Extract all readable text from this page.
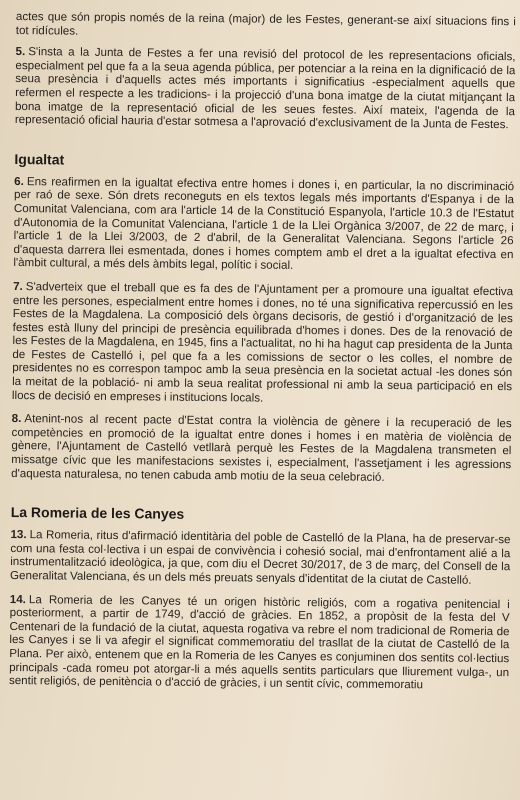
actes que són propis només de la reina (major) de les Festes, generant-se així situacions fins i tot ridícules.

5. S'insta a la Junta de Festes a fer una revisió del protocol de les representacions oficials, especialment pel que fa a la seua agenda pública, per potenciar a la reina en la dignificació de la seua presència i d'aquells actes més importants i significatius -especialment aquells que refermen el respecte a les tradicions- i la projecció d'una bona imatge de la ciutat mitjançant la bona imatge de la representació oficial de les seues festes. Així mateix, l'agenda de la representació oficial hauria d'estar sotmesa a l'aprovació d'exclusivament de la Junta de Festes.

Igualtat

6. Ens reafirmen en la igualtat efectiva entre homes i dones i, en particular, la no discriminació per raó de sexe. Són drets reconeguts en els textos legals més importants d'Espanya i de la Comunitat Valenciana, com ara l'article 14 de la Constitució Espanyola, l'article 10.3 de l'Estatut d'Autonomia de la Comunitat Valenciana, l'article 1 de la Llei Orgànica 3/2007, de 22 de març, i l'article 1 de la Llei 3/2003, de 2 d'abril, de la Generalitat Valenciana. Segons l'article 26 d'aquesta darrera llei esmentada, dones i homes comptem amb el dret a la igualtat efectiva en l'àmbit cultural, a més dels àmbits legal, polític i social.

7. S'adverteix que el treball que es fa des de l'Ajuntament per a promoure una igualtat efectiva entre les persones, especialment entre homes i dones, no té una significativa repercussió en les Festes de la Magdalena. La composició dels òrgans decisoris, de gestió i d'organització de les festes està lluny del principi de presència equilibrada d'homes i dones. Des de la renovació de les Festes de la Magdalena, en 1945, fins a l'actualitat, no hi ha hagut cap presidenta de la Junta de Festes de Castelló i, pel que fa a les comissions de sector o les colles, el nombre de presidentes no es correspon tampoc amb la seua presència en la societat actual -les dones són la meitat de la població- ni amb la seua realitat professional ni amb la seua participació en els llocs de decisió en empreses i institucions locals.

8. Atenint-nos al recent pacte d'Estat contra la violència de gènere i la recuperació de les competències en promoció de la igualtat entre dones i homes i en matèria de violència de gènere, l'Ajuntament de Castelló vetllarà perquè les Festes de la Magdalena transmeten el missatge cívic que les manifestacions sexistes i, especialment, l'assetjament i les agressions d'aquesta naturalesa, no tenen cabuda amb motiu de la seua celebració.

La Romeria de les Canyes

13. La Romeria, ritus d'afirmació identitària del poble de Castelló de la Plana, ha de preservar-se com una festa col·lectiva i un espai de convivència i cohesió social, mai d'enfrontament alié a la instrumentalització ideològica, ja que, com diu el Decret 30/2017, de 3 de març, del Consell de la Generalitat Valenciana, és un dels més preuats senyals d'identitat de la ciutat de Castelló.

14. La Romeria de les Canyes té un origen històric religiós, com a rogativa penitencial i posteriorment, a partir de 1749, d'acció de gràcies. En 1852, a propòsit de la festa del V Centenari de la fundació de la ciutat, aquesta rogativa va rebre el nom tradicional de Romeria de les Canyes i se li va afegir el significat commemoratiu del trasllat de la ciutat de Castelló de la Plana. Per això, entenem que en la Romeria de les Canyes es conjuminen dos sentits col·lectius principals -cada romeu pot atorgar-li a més aquells sentits particulars que lliurement vulga-, un sentit religiós, de penitència o d'acció de gràcies, i un sentit cívic, commemoratiu
